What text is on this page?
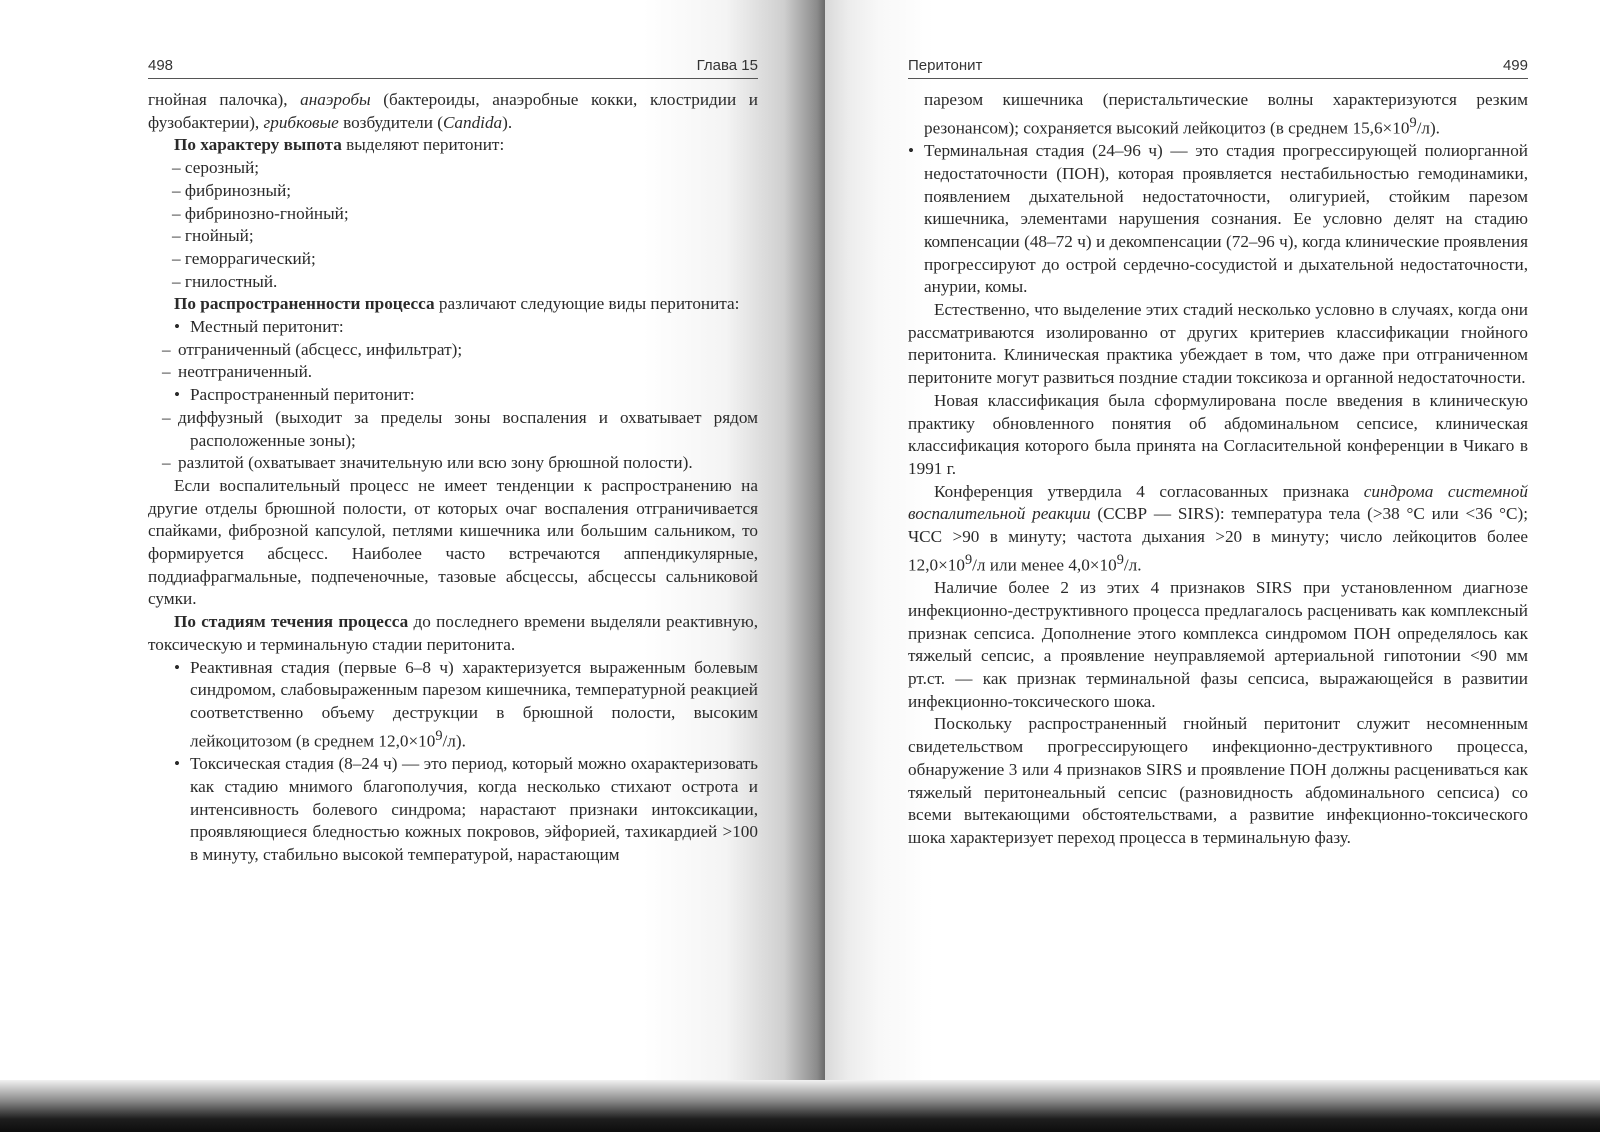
498	Глава 15

гнойная палочка), анаэробы (бактероиды, анаэробные кокки, клостридии и фузобактерии), грибковые возбудители (Candida).

По характеру выпота выделяют перитонит:

– серозный;
– фибринозный;
– фибринозно-гнойный;
– гнойный;
– геморрагический;
– гнилостный.

По распространенности процесса различают следующие виды перитонита:

• Местный перитонит:
– отграниченный (абсцесс, инфильтрат);
– неотграниченный.
• Распространенный перитонит:
– диффузный (выходит за пределы зоны воспаления и охватывает рядом расположенные зоны);
– разлитой (охватывает значительную или всю зону брюшной полости).

Если воспалительный процесс не имеет тенденции к распространению на другие отделы брюшной полости, от которых очаг воспаления отграничивается спайками, фиброзной капсулой, петлями кишечника или большим сальником, то формируется абсцесс. Наиболее часто встречаются аппендикулярные, поддиафрагмальные, подпеченочные, тазовые абсцессы, абсцессы сальниковой сумки.

По стадиям течения процесса до последнего времени выделяли реактивную, токсическую и терминальную стадии перитонита.

• Реактивная стадия (первые 6–8 ч) характеризуется выраженным болевым синдромом, слабовыраженным парезом кишечника, температурной реакцией соответственно объему деструкции в брюшной полости, высоким лейкоцитозом (в среднем $12,0\times 10^9/л$).
• Токсическая стадия (8–24 ч) — это период, который можно охарактеризовать как стадию мнимого благополучия, когда несколько стихают острота и интенсивность болевого синдрома; нарастают признаки интоксикации, проявляющиеся бледностью кожных покровов, эйфорией, тахикардией >100 в минуту, стабильно высокой температурой, нарастающим
Перитонит	499
парезом кишечника (перистальтические волны характеризуются резким резонансом); сохраняется высокий лейкоцитоз (в среднем $15,6\times 10^9/л$).
• Терминальная стадия (24–96 ч) — это стадия прогрессирующей полиорганной недостаточности (ПОН), которая проявляется нестабильностью гемодинамики, появлением дыхательной недостаточности, олигурией, стойким парезом кишечника, элементами нарушения сознания. Ее условно делят на стадию компенсации (48–72 ч) и декомпенсации (72–96 ч), когда клинические проявления прогрессируют до острой сердечно-сосудистой и дыхательной недостаточности, анурии, комы.

Естественно, что выделение этих стадий несколько условно в случаях, когда они рассматриваются изолированно от других критериев классификации гнойного перитонита. Клиническая практика убеждает в том, что даже при отграниченном перитоните могут развиться поздние стадии токсикоза и органной недостаточности.

Новая классификация была сформулирована после введения в клиническую практику обновленного понятия об абдоминальном сепсисе, клиническая классификация которого была принята на Согласительной конференции в Чикаго в 1991 г.

Конференция утвердила 4 согласованных признака синдрома системной воспалительной реакции (ССВР — SIRS): температура тела (>38 °С или <36 °С); ЧСС >90 в минуту; частота дыхания >20 в минуту; число лейкоцитов более $12,0\times 10^9/л$ или менее $4,0\times 10^9/л$.

Наличие более 2 из этих 4 признаков SIRS при установленном диагнозе инфекционно-деструктивного процесса предлагалось расценивать как комплексный признак сепсиса. Дополнение этого комплекса синдромом ПОН определялось как тяжелый сепсис, а проявление неуправляемой артериальной гипотонии <90 мм рт.ст. — как признак терминальной фазы сепсиса, выражающейся в развитии инфекционно-токсического шока.

Поскольку распространенный гнойный перитонит служит несомненным свидетельством прогрессирующего инфекционно-деструктивного процесса, обнаружение 3 или 4 признаков SIRS и проявление ПОН должны расцениваться как тяжелый перитонеальный сепсис (разновидность абдоминального сепсиса) со всеми вытекающими обстоятельствами, а развитие инфекционно-токсического шока характеризует переход процесса в терминальную фазу.
